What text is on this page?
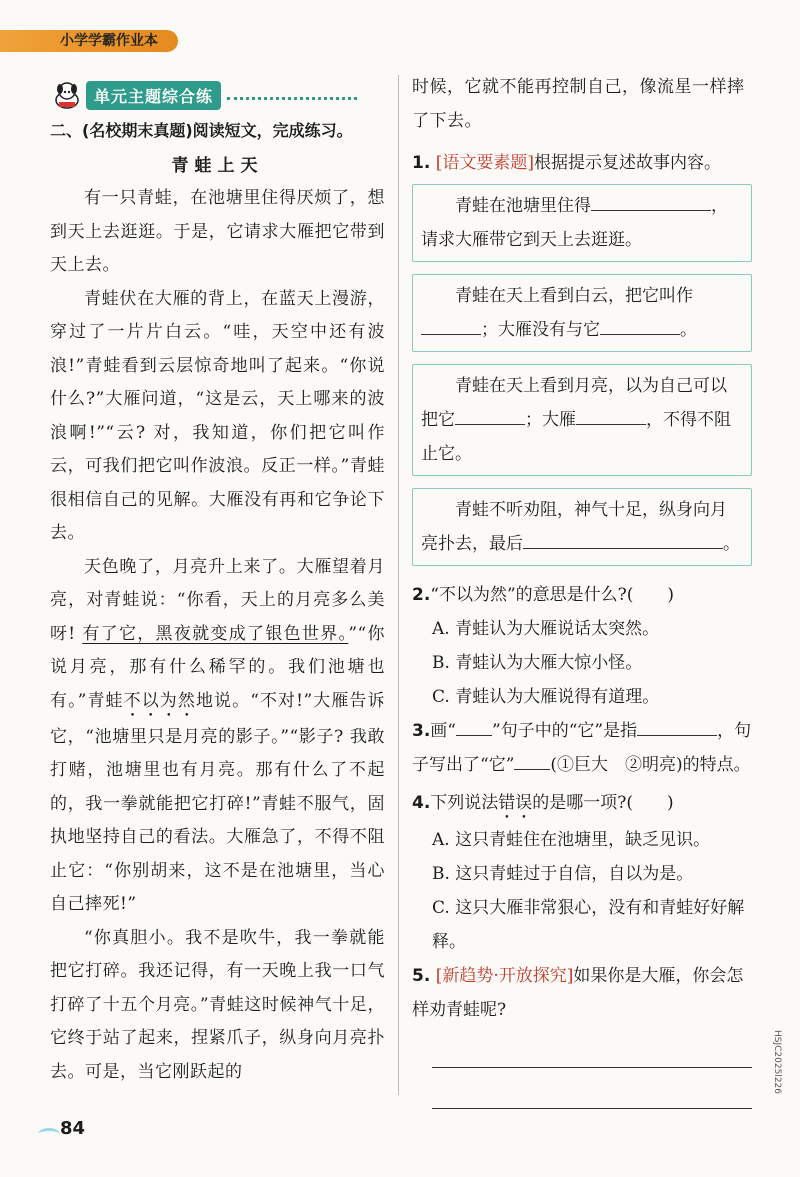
小学学霸作业本
单元主题综合练
二、(名校期末真题)阅读短文，完成练习。
青蛙上天

有一只青蛙，在池塘里住得厌烦了，想到天上去逛逛。于是，它请求大雁把它带到天上去。

青蛙伏在大雁的背上，在蓝天上漫游，穿过了一片片白云。“哇，天空中还有波浪!”青蛙看到云层惊奇地叫了起来。“你说什么?”大雁问道，“这是云，天上哪来的波浪啊!”“云? 对，我知道，你们把它叫作云，可我们把它叫作波浪。反正一样。”青蛙很相信自己的见解。大雁没有再和它争论下去。

天色晚了，月亮升上来了。大雁望着月亮，对青蛙说：“你看，天上的月亮多么美呀! 有了它，黑夜就变成了银色世界。”“你说月亮，那有什么稀罕的。我们池塘也有。”青蛙不以为然地说。“不对!”大雁告诉它，“池塘里只是月亮的影子。”“影子? 我敢打赌，池塘里也有月亮。那有什么了不起的，我一拳就能把它打碎!”青蛙不服气，固执地坚持自己的看法。大雁急了，不得不阻止它：“你别胡来，这不是在池塘里，当心自己摔死!”

“你真胆小。我不是吹牛，我一拳就能把它打碎。我还记得，有一天晚上我一口气打碎了十五个月亮。”青蛙这时候神气十足，它终于站了起来，捏紧爪子，纵身向月亮扑去。可是，当它刚跃起的

时候，它就不能再控制自己，像流星一样摔了下去。

1. [语文要素题]根据提示复述故事内容。

青蛙在池塘里住得	，请求大雁带它到天上去逛逛。
青蛙在天上看到白云，把它叫作；大雁没有与它	。
青蛙在天上看到月亮，以为自己可以把它	；大雁	，不得不阻止它。
青蛙不听劝阻，神气十足，纵身向月亮扑去，最后	。

2.“不以为然”的意思是什么?(　　)

A. 青蛙认为大雁说话太突然。

B. 青蛙认为大雁大惊小怪。

C. 青蛙认为大雁说得有道理。

3.画“ ”句子中的“它”是指	，句子写出了“它” (①巨大　②明亮)的特点。

4.下列说法错误的是哪一项?(　　)

A. 这只青蛙住在池塘里，缺乏见识。

B. 这只青蛙过于自信，自以为是。

C. 这只大雁非常狠心，没有和青蛙好好解释。

5. [新趋势·开放探究]如果你是大雁，你会怎样劝青蛙呢?

84
HSJC2025l226
